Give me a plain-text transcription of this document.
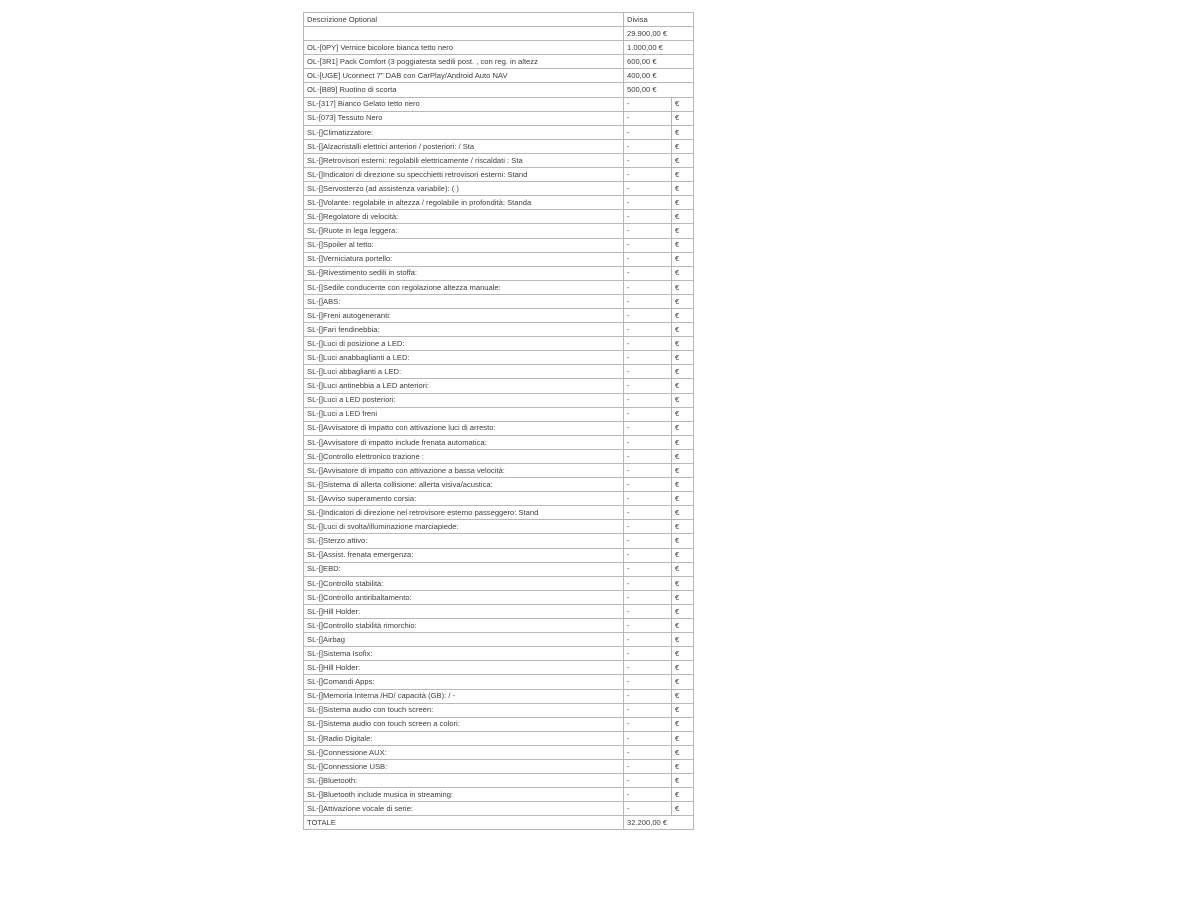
Descrizione Optional	Divisa	
	29.900,00 €	
OL-[0PY] Vernice bicolore bianca tetto nero	1.000,00 €	
OL-[3R1] Pack Comfort (3 poggiatesta sedili post. , con reg. in altezz	600,00 €	
OL-[UGE] Uconnect 7" DAB con CarPlay/Android Auto NAV	400,00 €	
OL-[B89] Ruotino di scorta	500,00 €	
SL-[317] Bianco Gelato tetto nero	-	€
SL-[073] Tessuto Nero	-	€
SL-[]Climatizzatore:	-	€
SL-[]Alzacristalli elettrici anteriori / posteriori: / Sta	-	€
SL-[]Retrovisori esterni: regolabili elettricamente / riscaldati : Sta	-	€
SL-[]Indicatori di direzione su specchietti retrovisori esterni: Stand	-	€
SL-[]Servosterzo (ad assistenza variabile): ( )	-	€
SL-[]Volante: regolabile in altezza / regolabile in profondità: Standa	-	€
SL-[]Regolatore di velocità:	-	€
SL-[]Ruote in lega leggera:	-	€
SL-[]Spoiler al tetto:	-	€
SL-[]Verniciatura portello:	-	€
SL-[]Rivestimento sedili in stoffa:	-	€
SL-[]Sedile conducente con regolazione altezza manuale:	-	€
SL-[]ABS:	-	€
SL-[]Freni autogeneranti:	-	€
SL-[]Fari fendinebbia:	-	€
SL-[]Luci di posizione a LED:	-	€
SL-[]Luci anabbaglianti a LED:	-	€
SL-[]Luci abbaglianti a LED:	-	€
SL-[]Luci antinebbia a LED anteriori:	-	€
SL-[]Luci a LED posteriori:	-	€
SL-[]Luci a LED freni	-	€
SL-[]Avvisatore di impatto con attivazione luci di arresto:	-	€
SL-[]Avvisatore di impatto include frenata automatica:	-	€
SL-[]Controllo elettronico trazione :	-	€
SL-[]Avvisatore di impatto con attivazione a bassa velocità:	-	€
SL-[]Sistema di allerta collisione: allerta visiva/acustica:	-	€
SL-[]Avviso superamento corsia:	-	€
SL-[]Indicatori di direzione nel retrovisore esterno passeggero: Stand	-	€
SL-[]Luci di svolta/illuminazione marciapiede:	-	€
SL-[]Sterzo attivo:	-	€
SL-[]Assist. frenata emergenza:	-	€
SL-[]EBD:	-	€
SL-[]Controllo stabilità:	-	€
SL-[]Controllo antiribaltamento:	-	€
SL-[]Hill Holder:	-	€
SL-[]Controllo stabilità rimorchio:	-	€
SL-[]Airbag	-	€
SL-[]Sistema Isofix:	-	€
SL-[]Hill Holder:	-	€
SL-[]Comandi Apps:	-	€
SL-[]Memoria Interna /HD/ capacità (GB): / -	-	€
SL-[]Sistema audio con touch screen:	-	€
SL-[]Sistema audio con touch screen a colori:	-	€
SL-[]Radio Digitale:	-	€
SL-[]Connessione AUX:	-	€
SL-[]Connessione USB:	-	€
SL-[]Bluetooth:	-	€
SL-[]Bluetooth include musica in streaming:	-	€
SL-[]Attivazione vocale di serie:	-	€
TOTALE	32.200,00 €	
